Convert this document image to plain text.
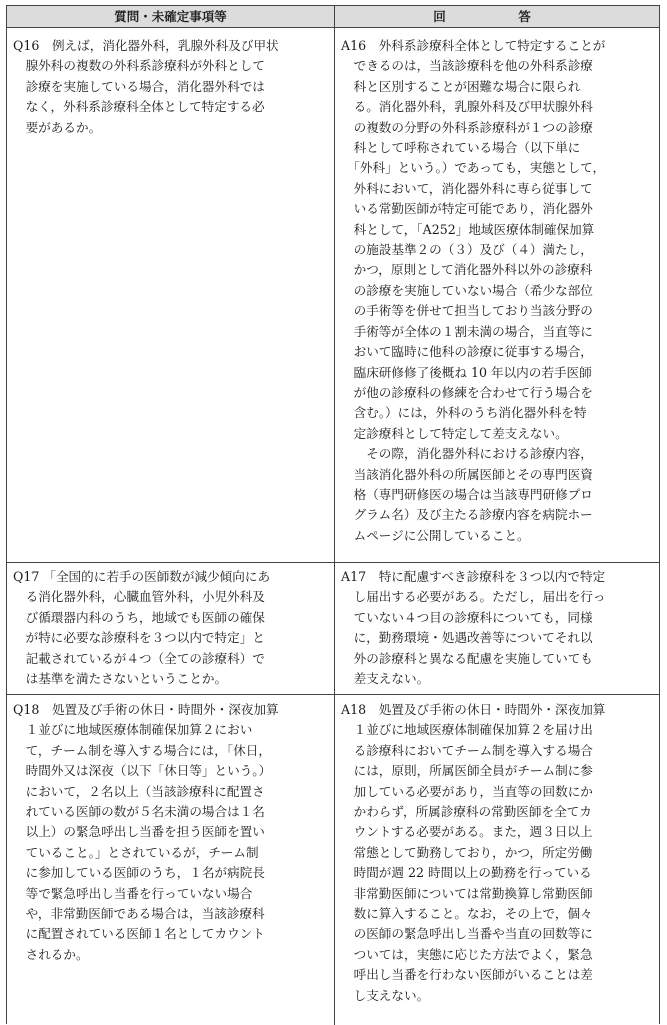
質問・未確定事項等	回　答
Q16　例えば，消化器外科，乳腺外科及び甲状
　腺外科の複数の外科系診療科が外科として
　診療を実施している場合，消化器外科では
　なく，外科系診療科全体として特定する必
　要があるか。
A16　外科系診療科全体として特定することが
　できるのは，当該診療科を他の外科系診療
　科と区別することが困難な場合に限られ
　る。消化器外科，乳腺外科及び甲状腺外科
　の複数の分野の外科系診療科が１つの診療
　科として呼称されている場合（以下単に
　「外科」という。）であっても，実態として，
　外科において，消化器外科に専ら従事して
　いる常勤医師が特定可能であり，消化器外
　科として，「A252」地域医療体制確保加算
　の施設基準２の（３）及び（４）満たし，
　かつ，原則として消化器外科以外の診療科
　の診療を実施していない場合（希少な部位
　の手術等を併せて担当しており当該分野の
　手術等が全体の１割未満の場合，当直等に
　おいて臨時に他科の診療に従事する場合，
　臨床研修修了後概ね 10 年以内の若手医師
　が他の診療科の修練を合わせて行う場合を
　含む。）には，外科のうち消化器外科を特
　定診療科として特定して差支えない。
　　その際，消化器外科における診療内容，
　当該消化器外科の所属医師とその専門医資
　格（専門研修医の場合は当該専門研修プロ
　グラム名）及び主たる診療内容を病院ホー
　ムページに公開していること。
Q17 「全国的に若手の医師数が減少傾向にあ
　る消化器外科，心臓血管外科，小児外科及
　び循環器内科のうち，地域でも医師の確保
　が特に必要な診療科を３つ以内で特定」と
　記載されているが４つ（全ての診療科）で
　は基準を満たさないということか。
A17　特に配慮すべき診療科を３つ以内で特定
　し届出する必要がある。ただし，届出を行っ
　ていない４つ目の診療科についても，同様
　に，勤務環境・処遇改善等についてそれ以
　外の診療科と異なる配慮を実施していても
　差支えない。
Q18　処置及び手術の休日・時間外・深夜加算
　１並びに地域医療体制確保加算２におい
　て，チーム制を導入する場合には，「休日，
　時間外又は深夜（以下「休日等」という。）
　において，２名以上（当該診療科に配置さ
　れている医師の数が５名未満の場合は１名
　以上）の緊急呼出し当番を担う医師を置い
　ていること。」とされているが，チーム制
　に参加している医師のうち，１名が病院長
　等で緊急呼出し当番を行っていない場合
　や，非常勤医師である場合は，当該診療科
　に配置されている医師１名としてカウント
　されるか。
A18　処置及び手術の休日・時間外・深夜加算
　１並びに地域医療体制確保加算２を届け出
　る診療科においてチーム制を導入する場合
　には，原則，所属医師全員がチーム制に参
　加している必要があり，当直等の回数にか
　かわらず，所属診療科の常勤医師を全てカ
　ウントする必要がある。また，週３日以上
　常態として勤務しており，かつ，所定労働
　時間が週 22 時間以上の勤務を行っている
　非常勤医師については常勤換算し常勤医師
　数に算入すること。なお，その上で，個々
　の医師の緊急呼出し当番や当直の回数等に
　ついては，実態に応じた方法でよく，緊急
　呼出し当番を行わない医師がいることは差
　し支えない。
